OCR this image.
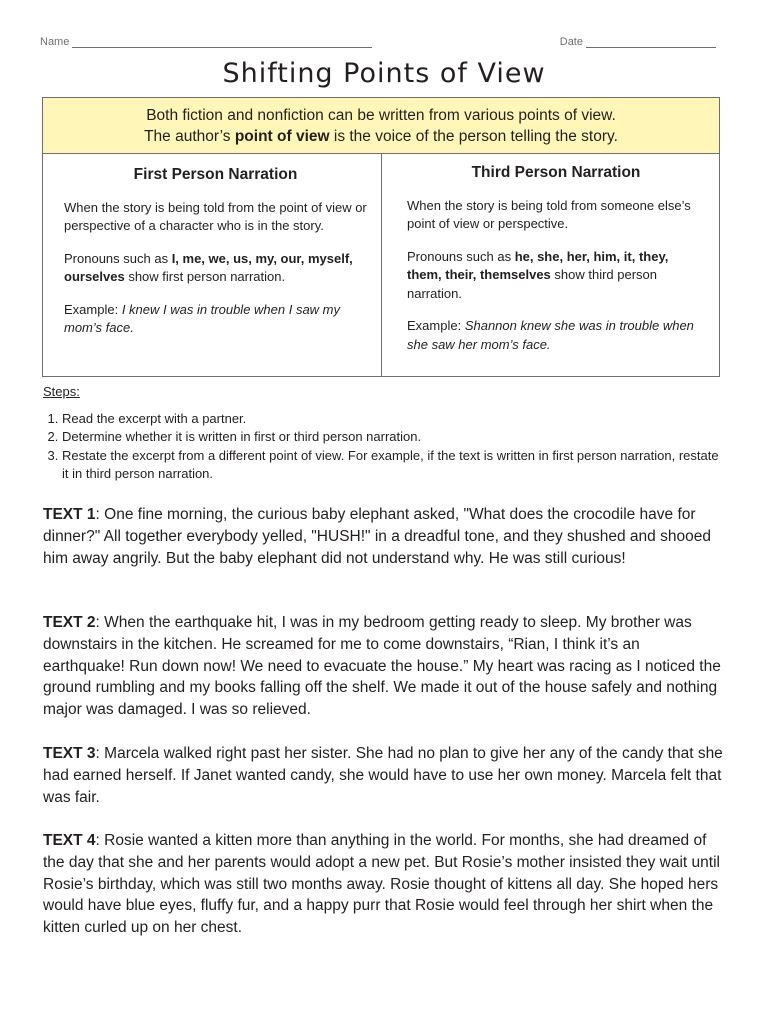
Name	Date
Shifting Points of View
Both fiction and nonfiction can be written from various points of view.
The author’s point of view is the voice of the person telling the story.
First Person Narration

When the story is being told from the point of view or perspective of a character who is in the story.

Pronouns such as I, me, we, us, my, our, myself, ourselves show first person narration.

Example: I knew I was in trouble when I saw my mom’s face.

Third Person Narration

When the story is being told from someone else’s point of view or perspective.

Pronouns such as he, she, her, him, it, they, them, their, themselves show third person narration.

Example: Shannon knew she was in trouble when she saw her mom’s face.

Steps:
1. Read the excerpt with a partner.
2. Determine whether it is written in first or third person narration.
3. Restate the excerpt from a different point of view. For example, if the text is written in first person narration, restate it in third person narration.

TEXT 1: One fine morning, the curious baby elephant asked, "What does the crocodile have for dinner?" All together everybody yelled, "HUSH!" in a dreadful tone, and they shushed and shooed him away angrily. But the baby elephant did not understand why. He was still curious!

TEXT 2: When the earthquake hit, I was in my bedroom getting ready to sleep. My brother was downstairs in the kitchen. He screamed for me to come downstairs, “Rian, I think it’s an earthquake! Run down now! We need to evacuate the house.” My heart was racing as I noticed the ground rumbling and my books falling off the shelf. We made it out of the house safely and nothing major was damaged. I was so relieved.

TEXT 3: Marcela walked right past her sister. She had no plan to give her any of the candy that she had earned herself. If Janet wanted candy, she would have to use her own money. Marcela felt that was fair.

TEXT 4: Rosie wanted a kitten more than anything in the world. For months, she had dreamed of the day that she and her parents would adopt a new pet. But Rosie’s mother insisted they wait until Rosie’s birthday, which was still two months away. Rosie thought of kittens all day. She hoped hers would have blue eyes, fluffy fur, and a happy purr that Rosie would feel through her shirt when the kitten curled up on her chest.
